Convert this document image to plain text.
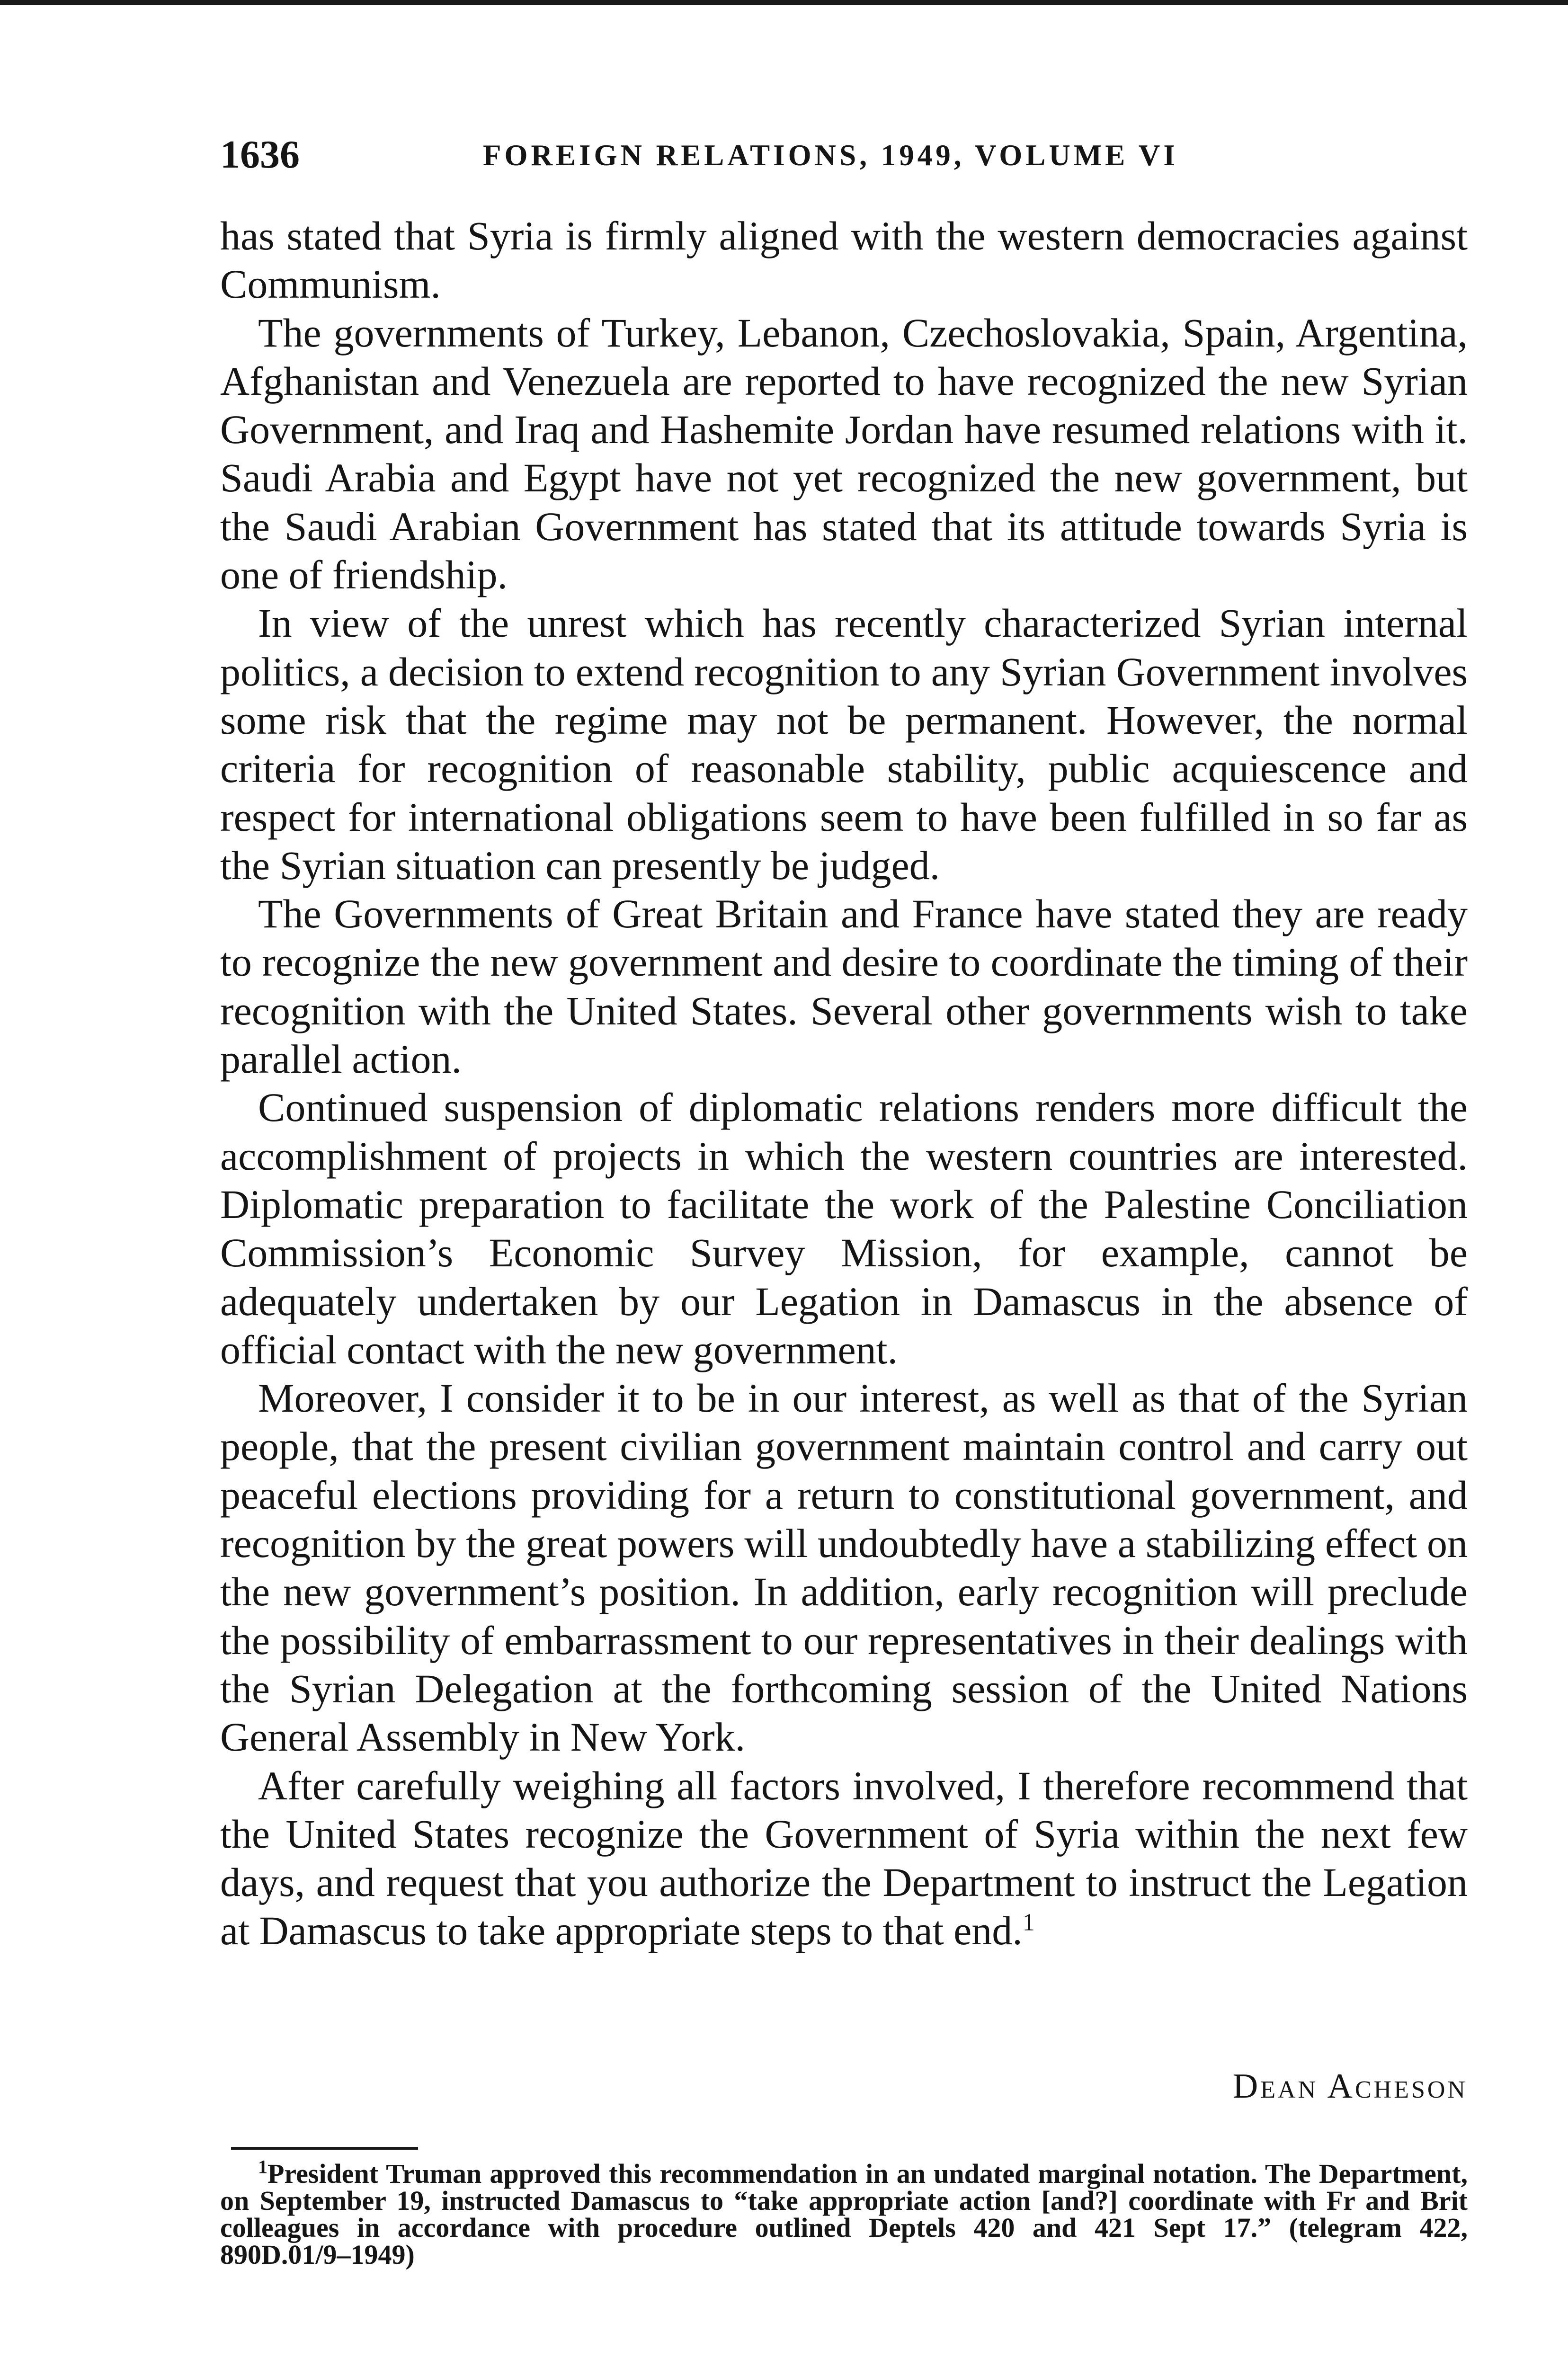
1636	FOREIGN RELATIONS, 1949, VOLUME VI

has stated that Syria is firmly aligned with the western democracies against Communism.

The governments of Turkey, Lebanon, Czechoslovakia, Spain, Argentina, Afghanistan and Venezuela are reported to have recognized the new Syrian Government, and Iraq and Hashemite Jordan have resumed relations with it. Saudi Arabia and Egypt have not yet recognized the new government, but the Saudi Arabian Government has stated that its attitude towards Syria is one of friendship.

In view of the unrest which has recently characterized Syrian internal politics, a decision to extend recognition to any Syrian Government involves some risk that the regime may not be permanent. However, the normal criteria for recognition of reasonable stability, public acquiescence and respect for international obligations seem to have been fulfilled in so far as the Syrian situation can presently be judged.

The Governments of Great Britain and France have stated they are ready to recognize the new government and desire to coordinate the timing of their recognition with the United States. Several other governments wish to take parallel action.

Continued suspension of diplomatic relations renders more difficult the accomplishment of projects in which the western countries are interested. Diplomatic preparation to facilitate the work of the Palestine Conciliation Commission’s Economic Survey Mission, for example, cannot be adequately undertaken by our Legation in Damascus in the absence of official contact with the new government.

Moreover, I consider it to be in our interest, as well as that of the Syrian people, that the present civilian government maintain control and carry out peaceful elections providing for a return to constitutional government, and recognition by the great powers will undoubtedly have a stabilizing effect on the new government’s position. In addition, early recognition will preclude the possibility of embarrassment to our representatives in their dealings with the Syrian Delegation at the forthcoming session of the United Nations General Assembly in New York.

After carefully weighing all factors involved, I therefore recommend that the United States recognize the Government of Syria within the next few days, and request that you authorize the Department to instruct the Legation at Damascus to take appropriate steps to that end.$^1$

Dean Acheson

$^1$President Truman approved this recommendation in an undated marginal notation. The Department, on September 19, instructed Damascus to “take appropriate action [and?] coordinate with Fr and Brit colleagues in accordance with procedure outlined Deptels 420 and 421 Sept 17.” (telegram 422, 890D.01/9–1949)
